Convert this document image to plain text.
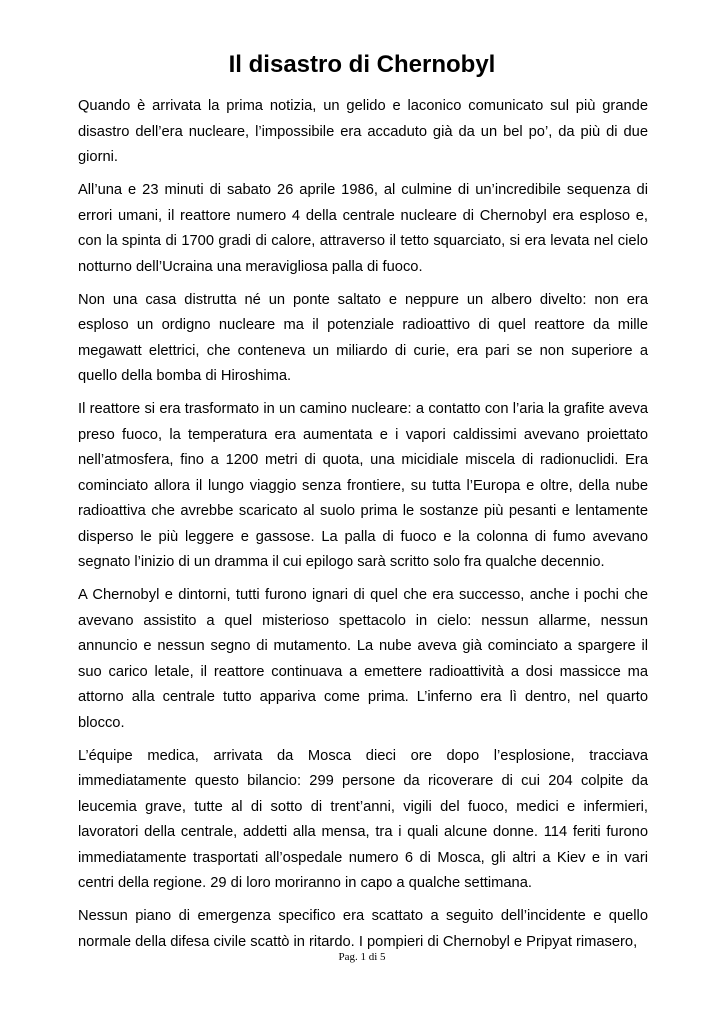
Il disastro di Chernobyl

Quando è arrivata la prima notizia, un gelido e laconico comunicato sul più grande disastro dell’era nucleare, l’impossibile era accaduto già da un bel po’, da più di due giorni.

All’una e 23 minuti di sabato 26 aprile 1986, al culmine di un’incredibile sequenza di errori umani, il reattore numero 4 della centrale nucleare di Chernobyl era esploso e, con la spinta di 1700 gradi di calore, attraverso il tetto squarciato, si era levata nel cielo notturno dell’Ucraina una meravigliosa palla di fuoco.

Non una casa distrutta né un ponte saltato e neppure un albero divelto: non era esploso un ordigno nucleare ma il potenziale radioattivo di quel reattore da mille megawatt elettrici, che conteneva un miliardo di curie, era pari se non superiore a quello della bomba di Hiroshima.

Il reattore si era trasformato in un camino nucleare: a contatto con l’aria la grafite aveva preso fuoco, la temperatura era aumentata e i vapori caldissimi avevano proiettato nell’atmosfera, fino a 1200 metri di quota, una micidiale miscela di radionuclidi. Era cominciato allora il lungo viaggio senza frontiere, su tutta l’Europa e oltre, della nube radioattiva che avrebbe scaricato al suolo prima le sostanze più pesanti e lentamente disperso le più leggere e gassose. La palla di fuoco e la colonna di fumo avevano segnato l’inizio di un dramma il cui epilogo sarà scritto solo fra qualche decennio.

A Chernobyl e dintorni, tutti furono ignari di quel che era successo, anche i pochi che avevano assistito a quel misterioso spettacolo in cielo: nessun allarme, nessun annuncio e nessun segno di mutamento. La nube aveva già cominciato a spargere il suo carico letale, il reattore continuava a emettere radioattività a dosi massicce ma attorno alla centrale tutto appariva come prima. L’inferno era lì dentro, nel quarto blocco.

L’équipe medica, arrivata da Mosca dieci ore dopo l’esplosione, tracciava immediatamente questo bilancio: 299 persone da ricoverare di cui 204 colpite da leucemia grave, tutte al di sotto di trent’anni, vigili del fuoco, medici e infermieri, lavoratori della centrale, addetti alla mensa, tra i quali alcune donne. 114 feriti furono immediatamente trasportati all’ospedale numero 6 di Mosca, gli altri a Kiev e in vari centri della regione. 29 di loro moriranno in capo a qualche settimana.

Nessun piano di emergenza specifico era scattato a seguito dell’incidente e quello normale della difesa civile scattò in ritardo. I pompieri di Chernobyl e Pripyat rimasero,

Pag. 1 di 5
